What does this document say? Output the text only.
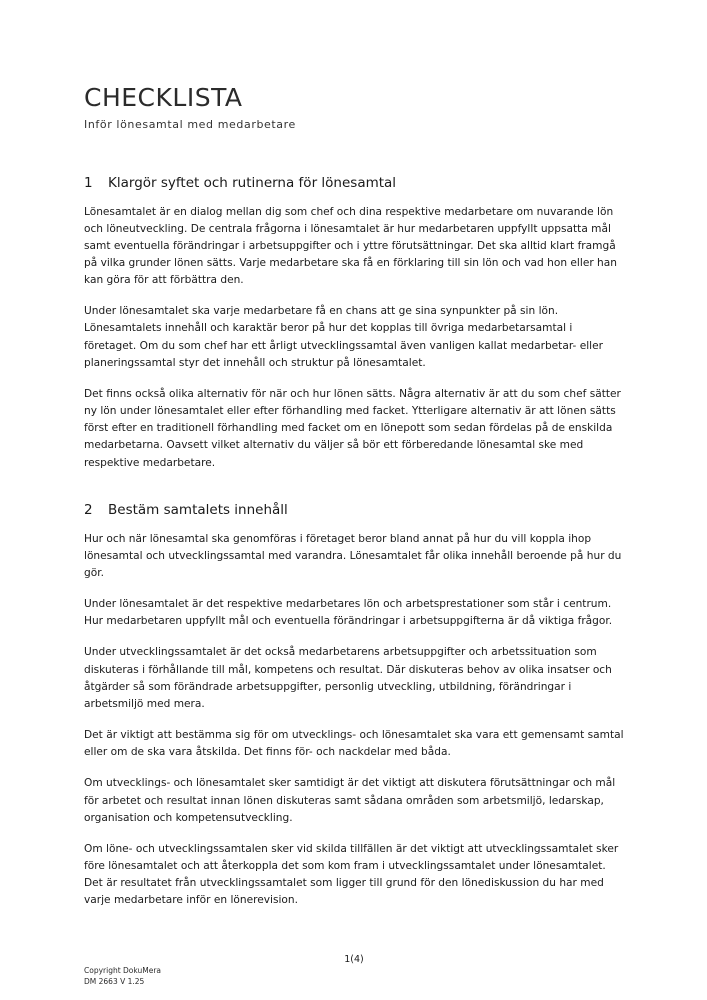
CHECKLISTA
Inför lönesamtal med medarbetare
1	Klargör syftet och rutinerna för lönesamtal

Lönesamtalet är en dialog mellan dig som chef och dina respektive medarbetare om nuvarande lön och löneutveckling. De centrala frågorna i lönesamtalet är hur medarbetaren uppfyllt uppsatta mål samt eventuella förändringar i arbetsuppgifter och i yttre förutsättningar. Det ska alltid klart framgå på vilka grunder lönen sätts. Varje medarbetare ska få en förklaring till sin lön och vad hon eller han kan göra för att förbättra den.

Under lönesamtalet ska varje medarbetare få en chans att ge sina synpunkter på sin lön. Lönesamtalets innehåll och karaktär beror på hur det kopplas till övriga medarbetarsamtal i företaget. Om du som chef har ett årligt utvecklingssamtal även vanligen kallat medarbetar- eller planeringssamtal styr det innehåll och struktur på lönesamtalet.

Det finns också olika alternativ för när och hur lönen sätts. Några alternativ är att du som chef sätter ny lön under lönesamtalet eller efter förhandling med facket. Ytterligare alternativ är att lönen sätts först efter en traditionell förhandling med facket om en lönepott som sedan fördelas på de enskilda medarbetarna. Oavsett vilket alternativ du väljer så bör ett förberedande lönesamtal ske med respektive medarbetare.

2	Bestäm samtalets innehåll

Hur och när lönesamtal ska genomföras i företaget beror bland annat på hur du vill koppla ihop lönesamtal och utvecklingssamtal med varandra. Lönesamtalet får olika innehåll beroende på hur du gör.

Under lönesamtalet är det respektive medarbetares lön och arbetsprestationer som står i centrum. Hur medarbetaren uppfyllt mål och eventuella förändringar i arbetsuppgifterna är då viktiga frågor.

Under utvecklingssamtalet är det också medarbetarens arbetsuppgifter och arbetssituation som diskuteras i förhållande till mål, kompetens och resultat. Där diskuteras behov av olika insatser och åtgärder så som förändrade arbetsuppgifter, personlig utveckling, utbildning, förändringar i arbetsmiljö med mera.

Det är viktigt att bestämma sig för om utvecklings- och lönesamtalet ska vara ett gemensamt samtal eller om de ska vara åtskilda. Det finns för- och nackdelar med båda.

Om utvecklings- och lönesamtalet sker samtidigt är det viktigt att diskutera förutsättningar och mål för arbetet och resultat innan lönen diskuteras samt sådana områden som arbetsmiljö, ledarskap, organisation och kompetensutveckling.

Om löne- och utvecklingssamtalen sker vid skilda tillfällen är det viktigt att utvecklingssamtalet sker före lönesamtalet och att återkoppla det som kom fram i utvecklingssamtalet under lönesamtalet. Det är resultatet från utvecklingssamtalet som ligger till grund för den lönediskussion du har med varje medarbetare inför en lönerevision.

1(4)
Copyright DokuMera
DM 2663 V 1.25
